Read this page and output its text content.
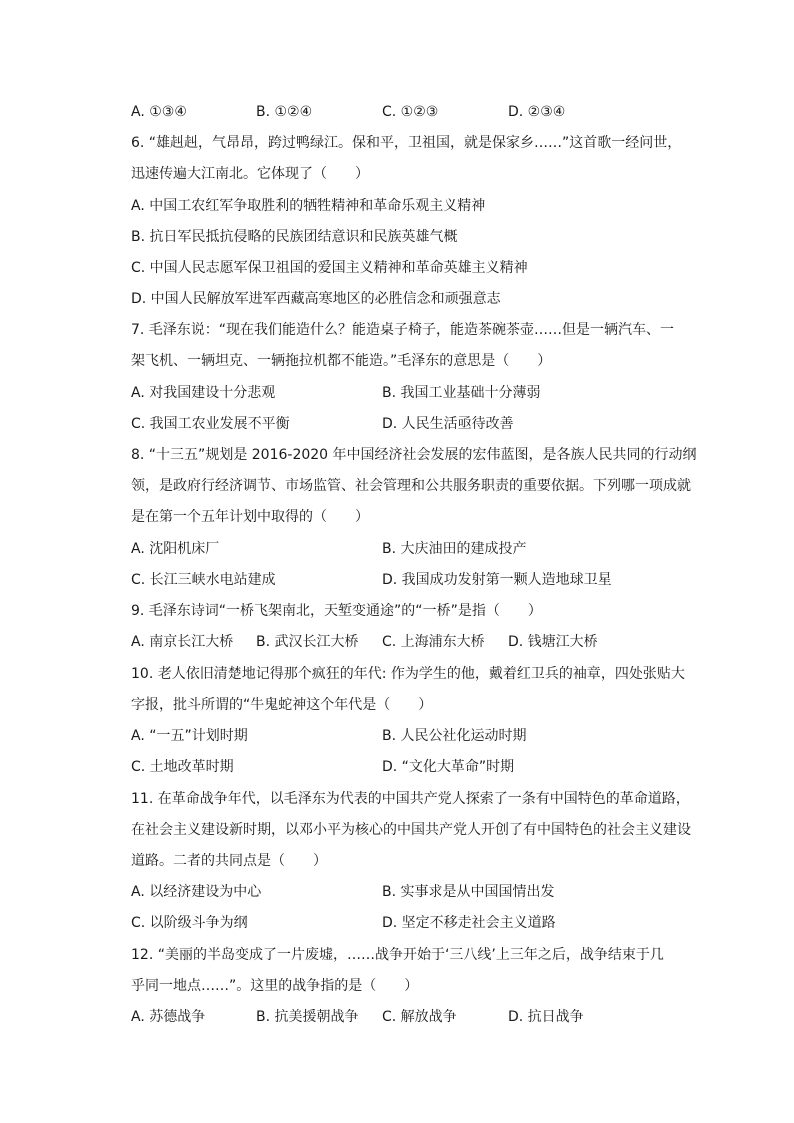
A. ①③④	B. ①②④	C. ①②③	D. ②③④
6. “雄赳赳，气昂昂，跨过鸭绿江。保和平，卫祖国，就是保家乡……”这首歌一经问世，
迅速传遍大江南北。它体现了（　　）
A. 中国工农红军争取胜利的牺牲精神和革命乐观主义精神
B. 抗日军民抵抗侵略的民族团结意识和民族英雄气概
C. 中国人民志愿军保卫祖国的爱国主义精神和革命英雄主义精神
D. 中国人民解放军进军西藏高寒地区的必胜信念和顽强意志
7. 毛泽东说：“现在我们能造什么？能造桌子椅子，能造茶碗茶壶……但是一辆汽车、一
架飞机、一辆坦克、一辆拖拉机都不能造。”毛泽东的意思是（　　）
A. 对我国建设十分悲观	B. 我国工业基础十分薄弱
C. 我国工农业发展不平衡	D. 人民生活亟待改善
8. “十三五”规划是 2016-2020 年中国经济社会发展的宏伟蓝图，是各族人民共同的行动纲
领，是政府行经济调节、市场监管、社会管理和公共服务职责的重要依据。下列哪一项成就
是在第一个五年计划中取得的（　　）
A. 沈阳机床厂	B. 大庆油田的建成投产
C. 长江三峡水电站建成	D. 我国成功发射第一颗人造地球卫星
9. 毛泽东诗词“一桥飞架南北，天堑变通途”的“一桥”是指（　　）
A. 南京长江大桥 B. 武汉长江大桥 C. 上海浦东大桥 D. 钱塘江大桥
10. 老人依旧清楚地记得那个疯狂的年代: 作为学生的他，戴着红卫兵的袖章，四处张贴大
字报，批斗所谓的“牛鬼蛇神这个年代是（　　）
A. “一五”计划时期	B. 人民公社化运动时期
C. 土地改革时期	D. “文化大革命”时期
11. 在革命战争年代，以毛泽东为代表的中国共产党人探索了一条有中国特色的革命道路，
在社会主义建设新时期，以邓小平为核心的中国共产党人开创了有中国特色的社会主义建设
道路。二者的共同点是（　　）
A. 以经济建设为中心	B. 实事求是从中国国情出发
C. 以阶级斗争为纲	D. 坚定不移走社会主义道路
12. “美丽的半岛变成了一片废墟，……战争开始于‘三八线’上三年之后，战争结束于几
乎同一地点……”。这里的战争指的是（　　）
A. 苏德战争	B. 抗美援朝战争 C. 解放战争	D. 抗日战争
